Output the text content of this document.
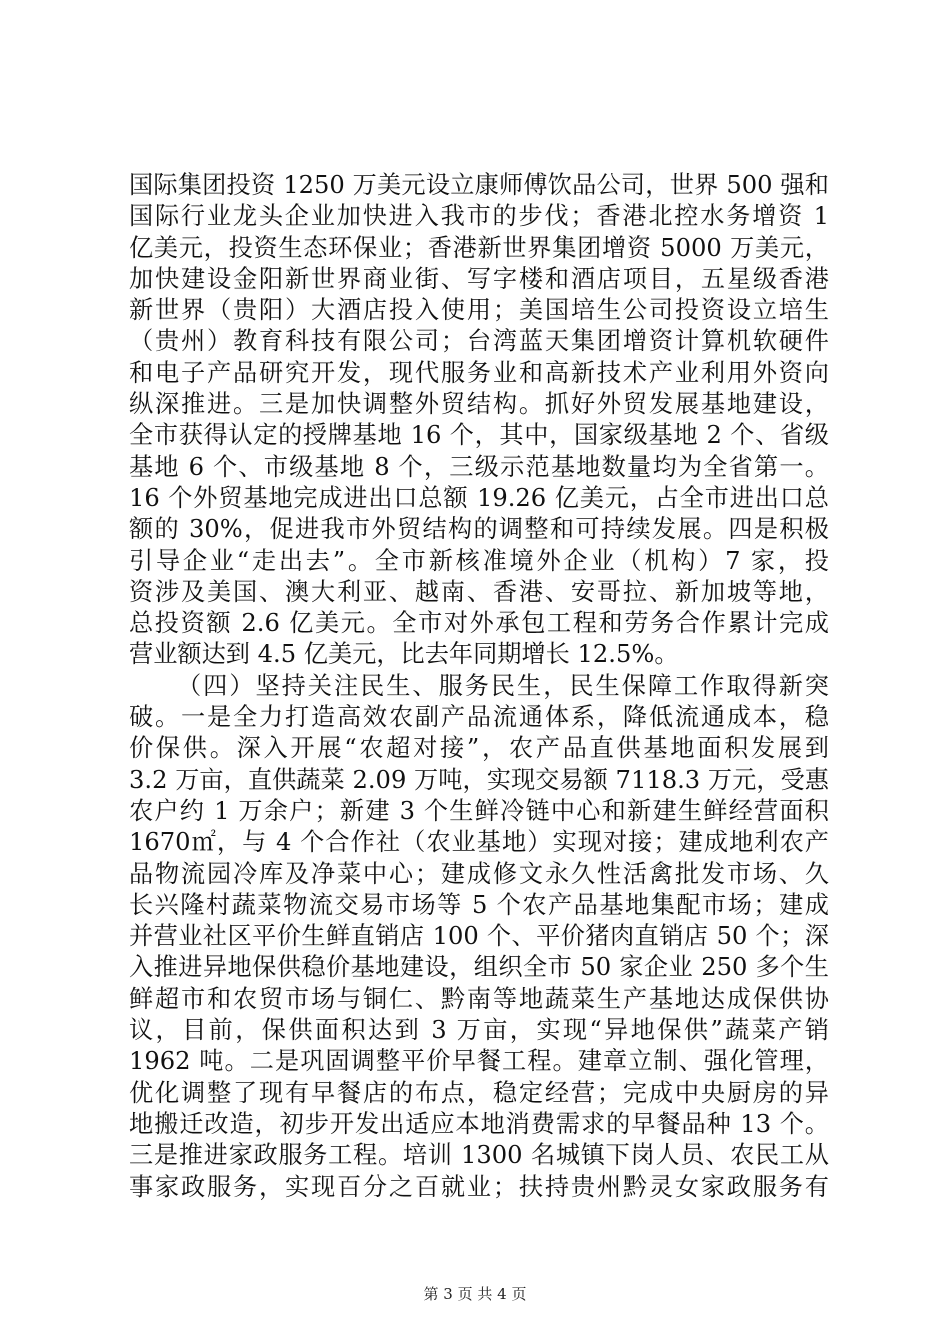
国际集团投资 1250 万美元设立康师傅饮品公司，世界 500 强和
国际行业龙头企业加快进入我市的步伐；香港北控水务增资 1
亿美元，投资生态环保业；香港新世界集团增资 5000 万美元，
加快建设金阳新世界商业街、写字楼和酒店项目，五星级香港
新世界（贵阳）大酒店投入使用；美国培生公司投资设立培生
（贵州）教育科技有限公司；台湾蓝天集团增资计算机软硬件
和电子产品研究开发，现代服务业和高新技术产业利用外资向
纵深推进。三是加快调整外贸结构。抓好外贸发展基地建设，
全市获得认定的授牌基地 16 个，其中，国家级基地 2 个、省级
基地 6 个、市级基地 8 个，三级示范基地数量均为全省第一。
16 个外贸基地完成进出口总额 19.26 亿美元，占全市进出口总
额的 30%，促进我市外贸结构的调整和可持续发展。四是积极
引导企业“走出去”。全市新核准境外企业（机构）7 家，投
资涉及美国、澳大利亚、越南、香港、安哥拉、新加坡等地，
总投资额 2.6 亿美元。全市对外承包工程和劳务合作累计完成
营业额达到 4.5 亿美元，比去年同期增长 12.5%。
（四）坚持关注民生、服务民生，民生保障工作取得新突
破。一是全力打造高效农副产品流通体系，降低流通成本，稳
价保供。深入开展“农超对接”，农产品直供基地面积发展到
3.2 万亩，直供蔬菜 2.09 万吨，实现交易额 7118.3 万元，受惠
农户约 1 万余户；新建 3 个生鲜冷链中心和新建生鲜经营面积
1670㎡，与 4 个合作社（农业基地）实现对接；建成地利农产
品物流园冷库及净菜中心；建成修文永久性活禽批发市场、久
长兴隆村蔬菜物流交易市场等 5 个农产品基地集配市场；建成
并营业社区平价生鲜直销店 100 个、平价猪肉直销店 50 个；深
入推进异地保供稳价基地建设，组织全市 50 家企业 250 多个生
鲜超市和农贸市场与铜仁、黔南等地蔬菜生产基地达成保供协
议，目前，保供面积达到 3 万亩，实现“异地保供”蔬菜产销
1962 吨。二是巩固调整平价早餐工程。建章立制、强化管理，
优化调整了现有早餐店的布点，稳定经营；完成中央厨房的异
地搬迁改造，初步开发出适应本地消费需求的早餐品种 13 个。
三是推进家政服务工程。培训 1300 名城镇下岗人员、农民工从
事家政服务，实现百分之百就业；扶持贵州黔灵女家政服务有
第 3 页 共 4 页
